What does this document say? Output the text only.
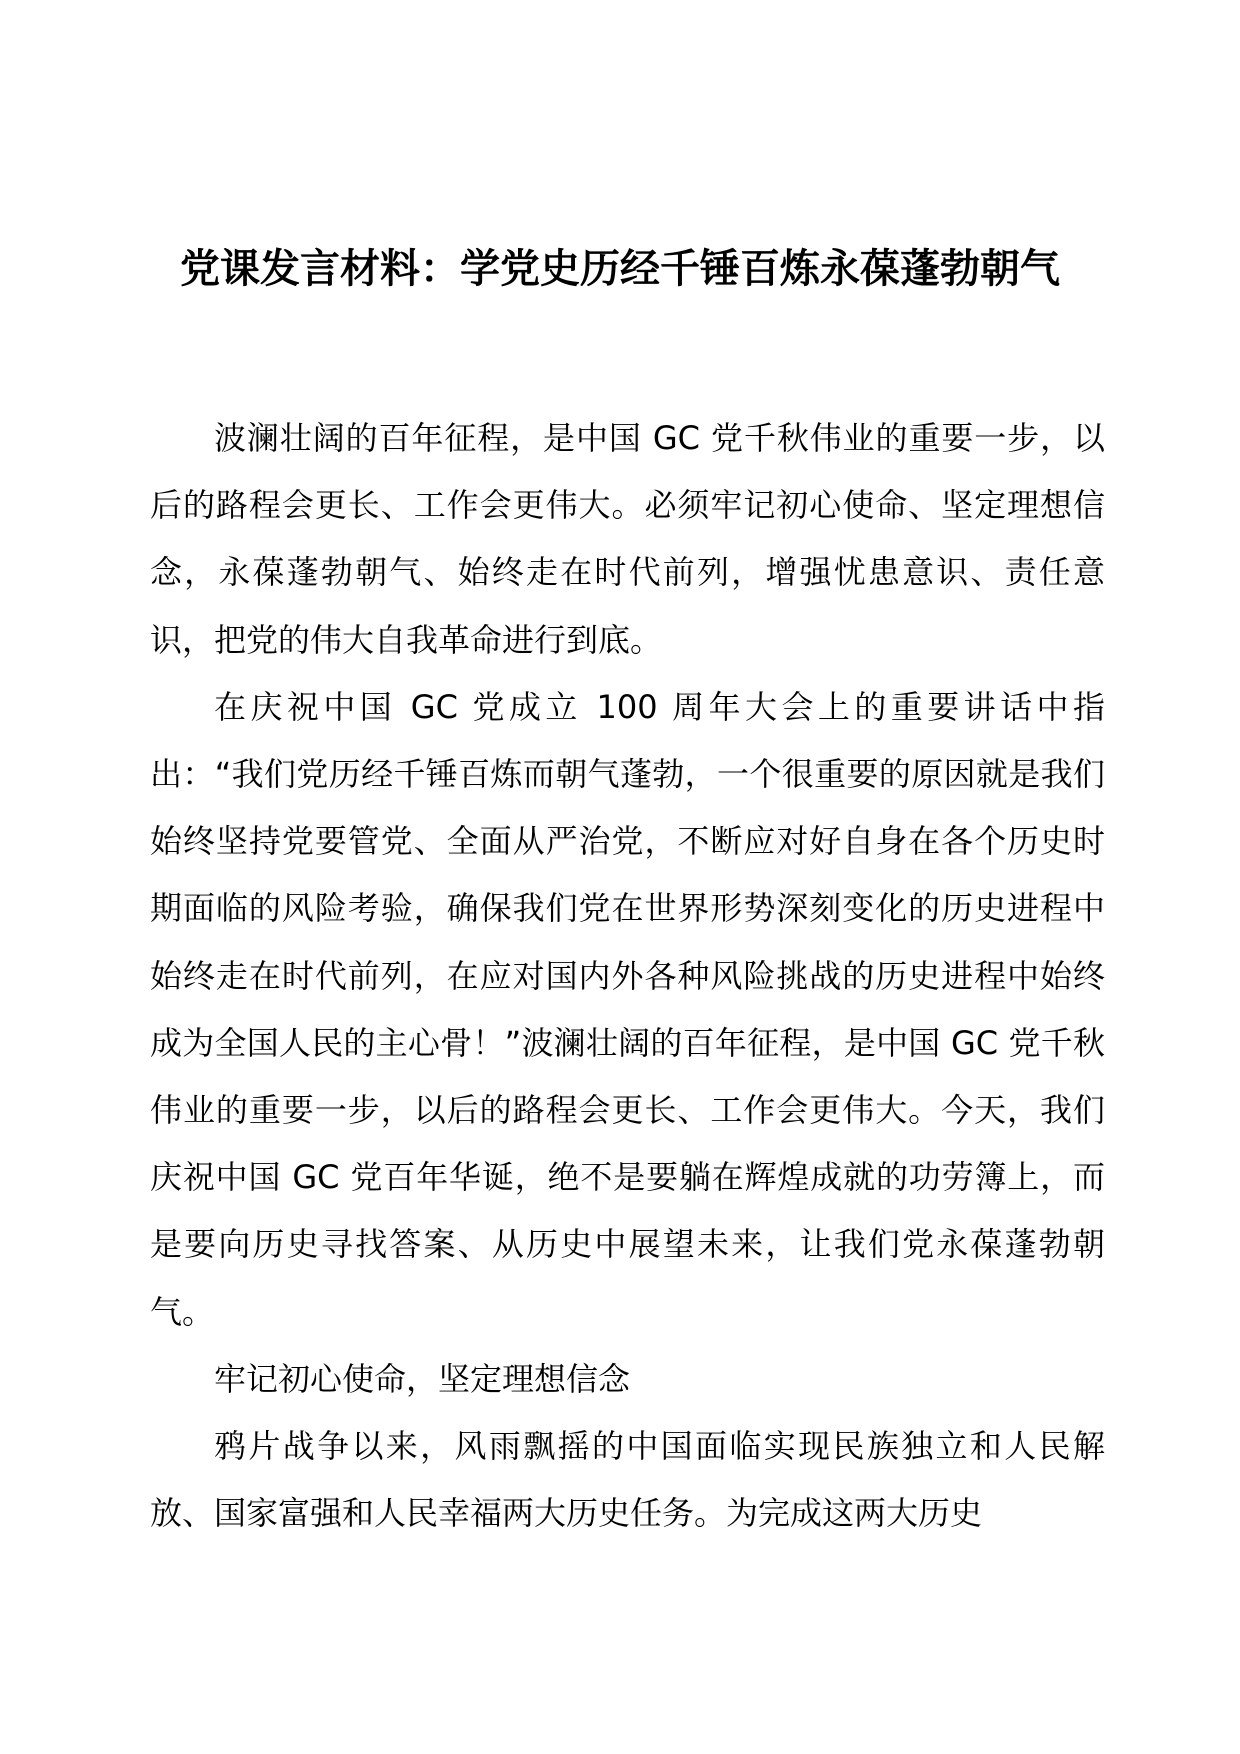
党课发言材料：学党史历经千锤百炼永葆蓬勃朝气

波澜壮阔的百年征程，是中国 GC 党千秋伟业的重要一步，以后的路程会更长、工作会更伟大。必须牢记初心使命、坚定理想信念，永葆蓬勃朝气、始终走在时代前列，增强忧患意识、责任意识，把党的伟大自我革命进行到底。

在庆祝中国 GC 党成立 100 周年大会上的重要讲话中指出：“我们党历经千锤百炼而朝气蓬勃，一个很重要的原因就是我们始终坚持党要管党、全面从严治党，不断应对好自身在各个历史时期面临的风险考验，确保我们党在世界形势深刻变化的历史进程中始终走在时代前列，在应对国内外各种风险挑战的历史进程中始终成为全国人民的主心骨！”波澜壮阔的百年征程，是中国 GC 党千秋伟业的重要一步，以后的路程会更长、工作会更伟大。今天，我们庆祝中国 GC 党百年华诞，绝不是要躺在辉煌成就的功劳簿上，而是要向历史寻找答案、从历史中展望未来，让我们党永葆蓬勃朝气。

牢记初心使命，坚定理想信念

鸦片战争以来，风雨飘摇的中国面临实现民族独立和人民解放、国家富强和人民幸福两大历史任务。为完成这两大历史
